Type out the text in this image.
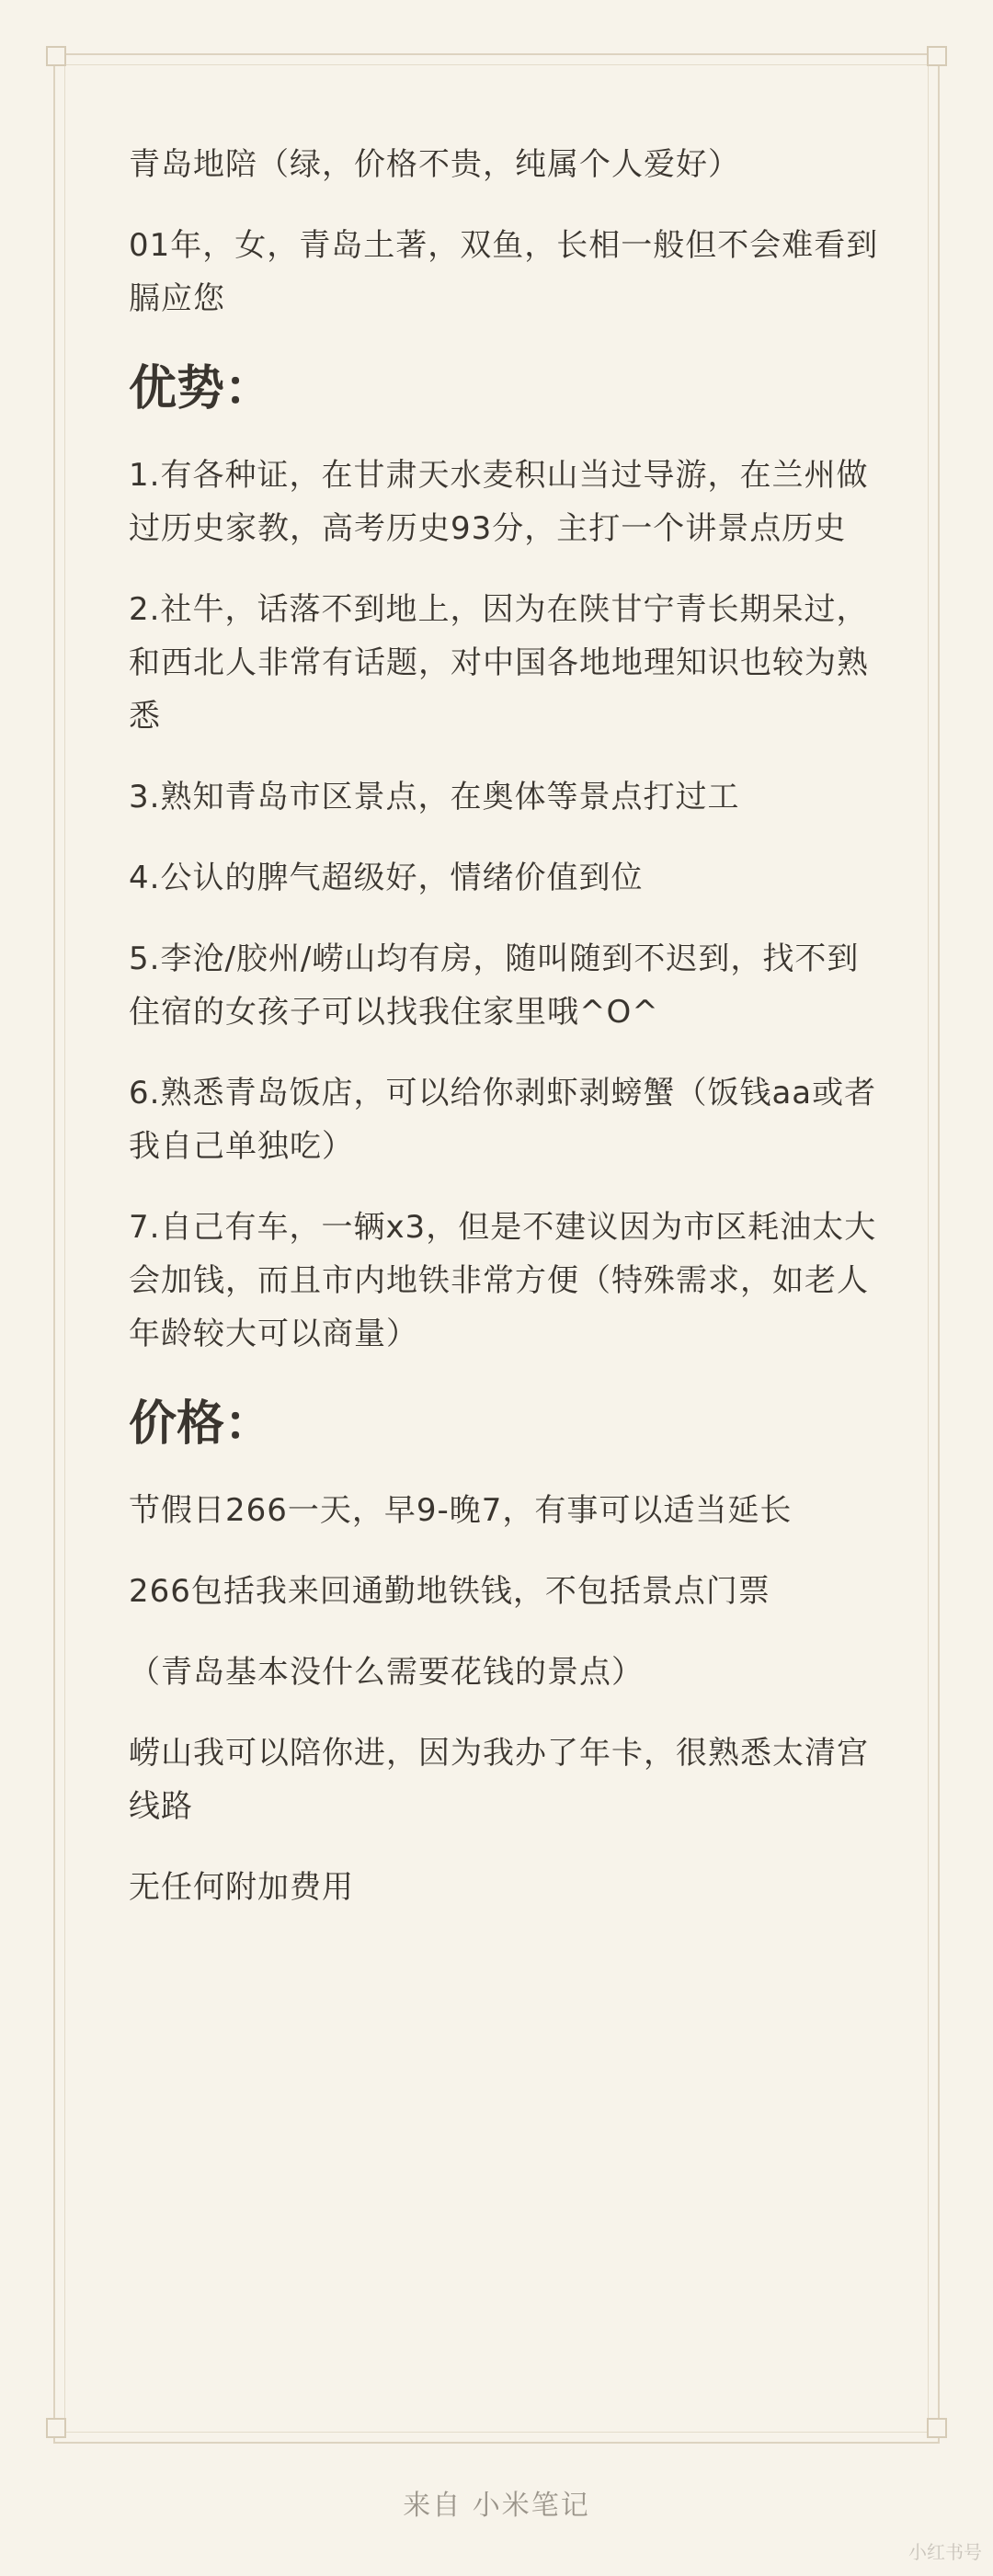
青岛地陪（绿，价格不贵，纯属个人爱好）

01年，女，青岛土著，双鱼，长相一般但不会难看到膈应您

优势：

1.有各种证，在甘肃天水麦积山当过导游，在兰州做过历史家教，高考历史93分，主打一个讲景点历史

2.社牛，话落不到地上，因为在陕甘宁青长期呆过，和西北人非常有话题，对中国各地地理知识也较为熟悉

3.熟知青岛市区景点，在奥体等景点打过工

4.公认的脾气超级好，情绪价值到位

5.李沧/胶州/崂山均有房，随叫随到不迟到，找不到住宿的女孩子可以找我住家里哦^O^

6.熟悉青岛饭店，可以给你剥虾剥螃蟹（饭钱aa或者我自己单独吃）

7.自己有车，一辆x3，但是不建议因为市区耗油太大会加钱，而且市内地铁非常方便（特殊需求，如老人年龄较大可以商量）

价格：

节假日266一天，早9-晚7，有事可以适当延长

266包括我来回通勤地铁钱，不包括景点门票

（青岛基本没什么需要花钱的景点）

崂山我可以陪你进，因为我办了年卡，很熟悉太清宫线路

无任何附加费用

来自 小米笔记
小红书号
